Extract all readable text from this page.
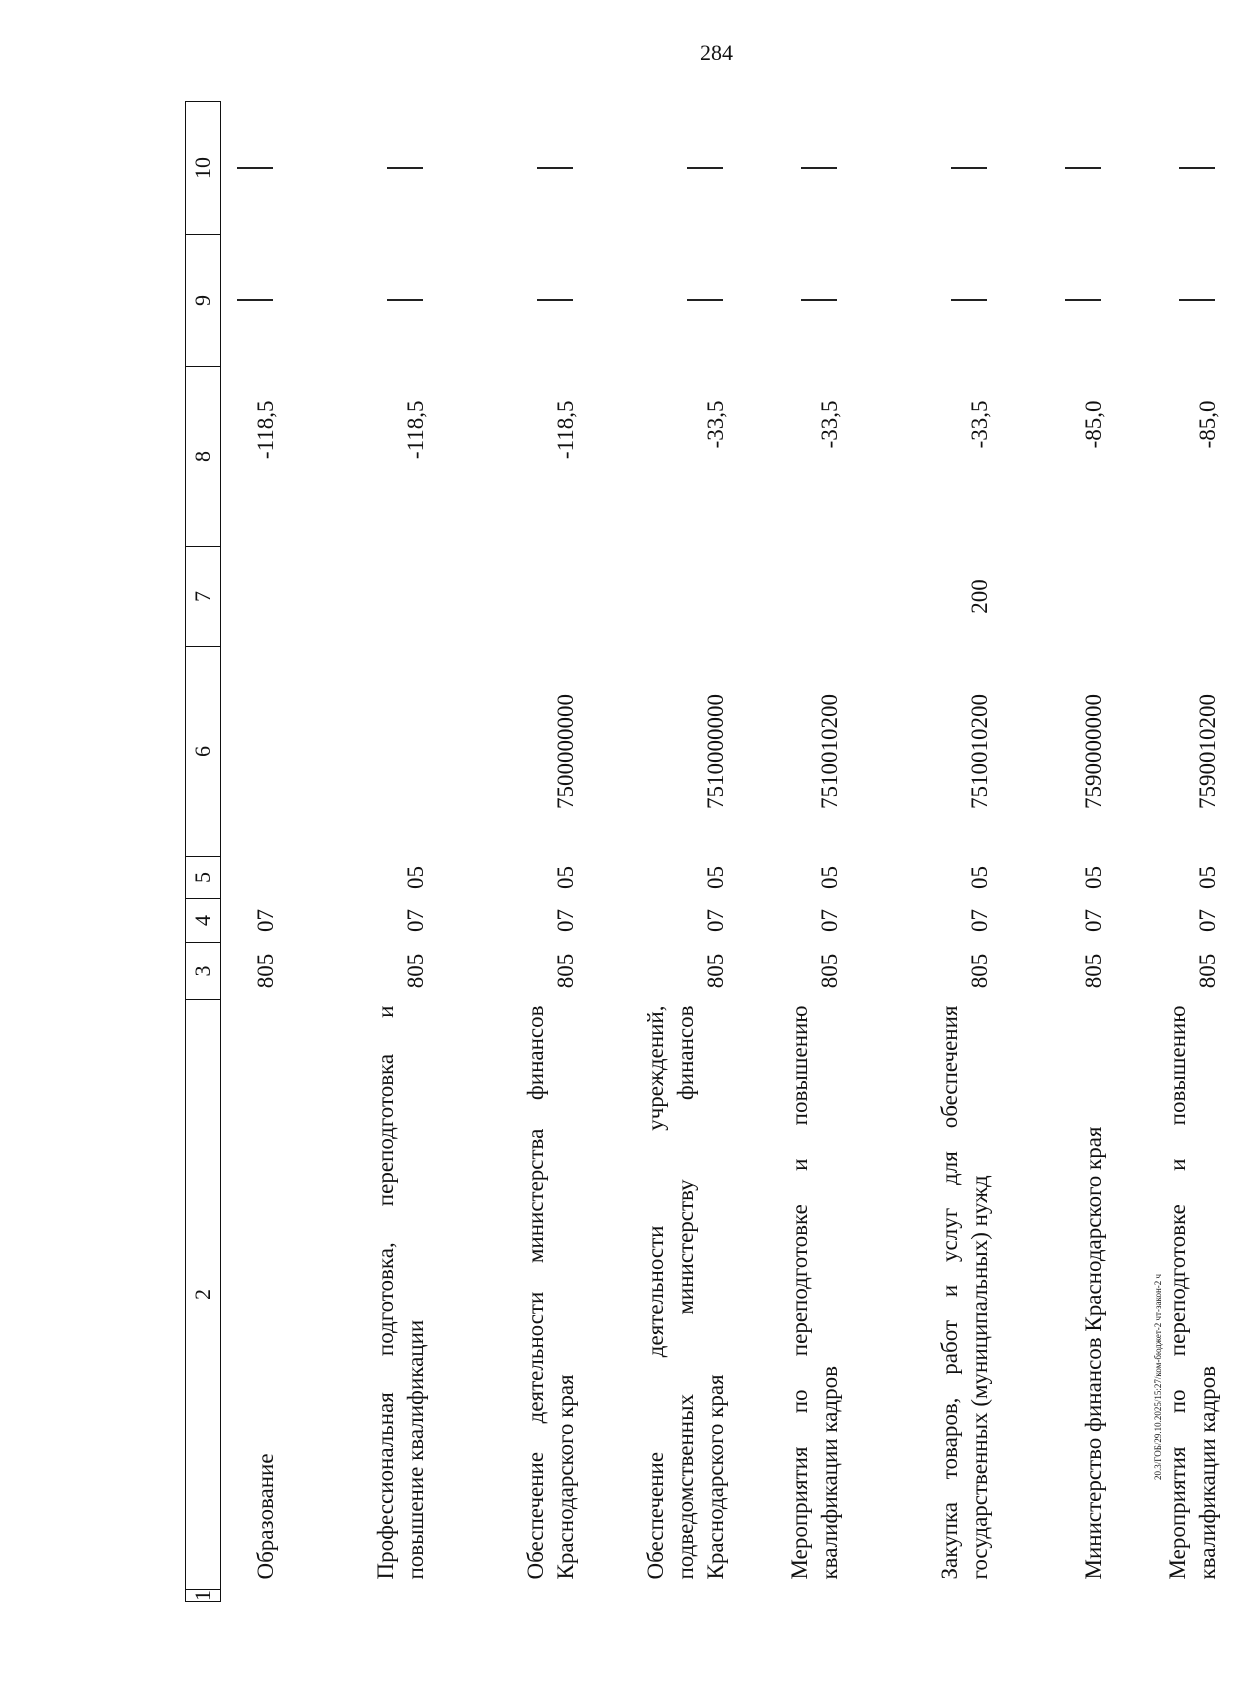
284
20.3/ГОБ/29.10.2025/15:27/ком-бюджет-2 чт-закон-2 ч
1	2	3	4	5	6	7	8	9	10
	Образование	805	07				-118,5		
	Профессиональная подготовка, переподготовка и повышение квалификации	805	07	05			-118,5		
	Обеспечение деятельности министерства финансов Краснодарского края	805	07	05	7500000000		-118,5		
	Обеспечение деятельности учреждений, подведомственных министерству финансов Краснодарского края	805	07	05	7510000000		-33,5		
	Мероприятия по переподготовке и повышению квалификации кадров	805	07	05	7510010200		-33,5		
	Закупка товаров, работ и услуг для обеспечения государственных (муниципальных) нужд	805	07	05	7510010200	200	-33,5		
	Министерство финансов Краснодарского края	805	07	05	7590000000		-85,0		
	Мероприятия по переподготовке и повышению квалификации кадров	805	07	05	7590010200		-85,0		
